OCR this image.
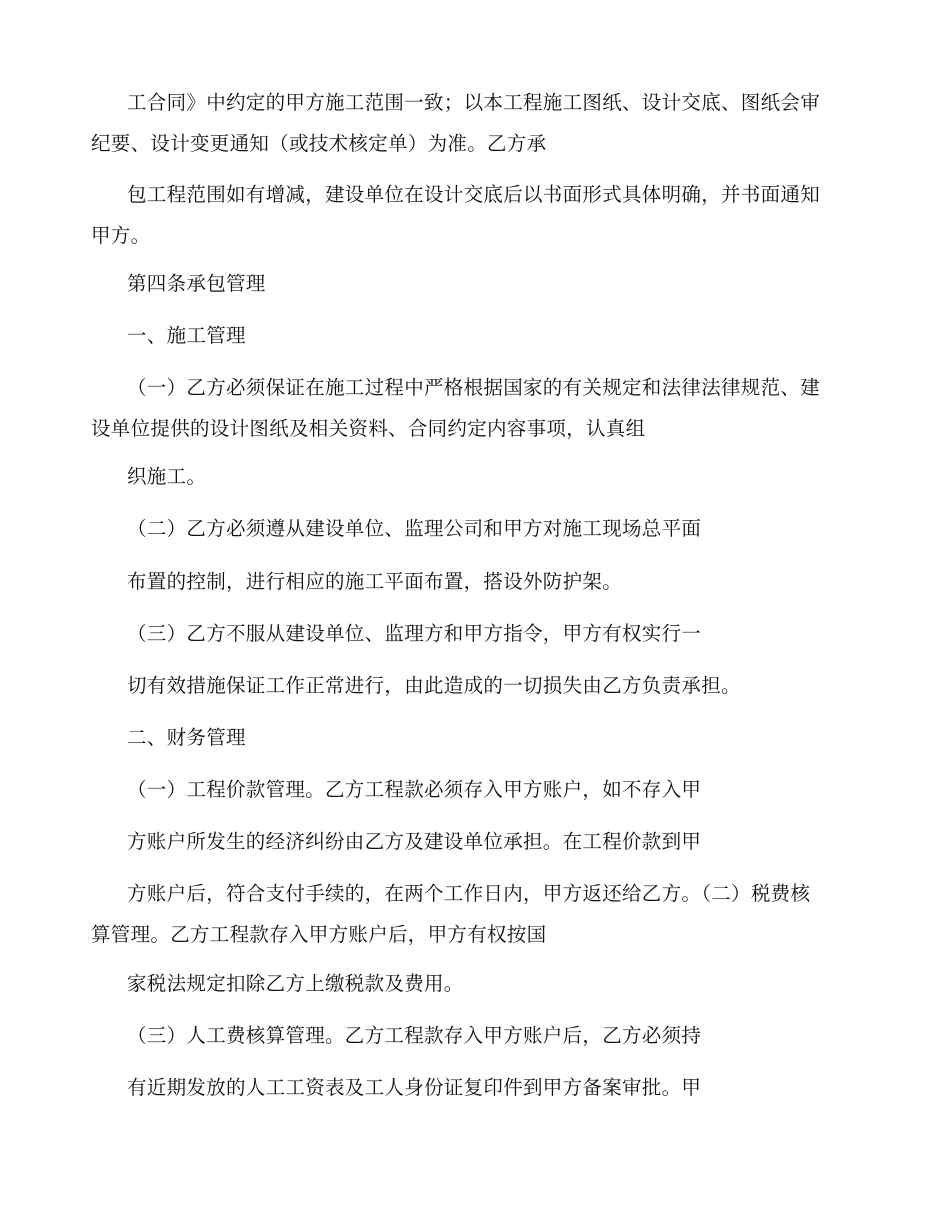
工合同》中约定的甲方施工范围一致；以本工程施工图纸、设计交底、图纸会审
纪要、设计变更通知（或技术核定单）为准。乙方承

包工程范围如有增减，建设单位在设计交底后以书面形式具体明确，并书面通知
甲方。

第四条承包管理

一、施工管理

（一）乙方必须保证在施工过程中严格根据国家的有关规定和法律法律规范、建
设单位提供的设计图纸及相关资料、合同约定内容事项，认真组

织施工。

（二）乙方必须遵从建设单位、监理公司和甲方对施工现场总平面

布置的控制，进行相应的施工平面布置，搭设外防护架。

（三）乙方不服从建设单位、监理方和甲方指令，甲方有权实行一

切有效措施保证工作正常进行，由此造成的一切损失由乙方负责承担。

二、财务管理

（一）工程价款管理。乙方工程款必须存入甲方账户，如不存入甲

方账户所发生的经济纠纷由乙方及建设单位承担。在工程价款到甲

方账户后，符合支付手续的，在两个工作日内，甲方返还给乙方。（二）税费核
算管理。乙方工程款存入甲方账户后，甲方有权按国

家税法规定扣除乙方上缴税款及费用。

（三）人工费核算管理。乙方工程款存入甲方账户后，乙方必须持

有近期发放的人工工资表及工人身份证复印件到甲方备案审批。甲
